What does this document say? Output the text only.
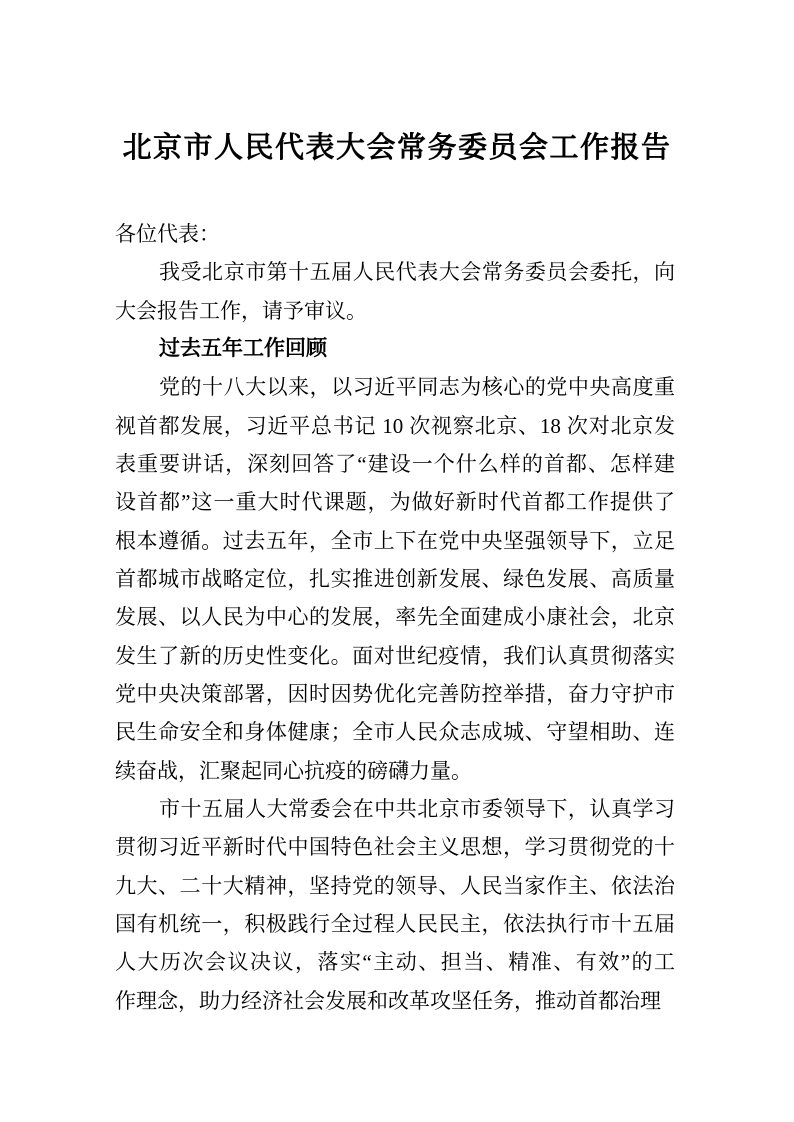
北京市人民代表大会常务委员会工作报告
各位代表：
我受北京市第十五届人民代表大会常务委员会委托，向
大会报告工作，请予审议。
过去五年工作回顾
党的十八大以来，以习近平同志为核心的党中央高度重
视首都发展，习近平总书记 10 次视察北京、18 次对北京发
表重要讲话，深刻回答了“建设一个什么样的首都、怎样建
设首都”这一重大时代课题，为做好新时代首都工作提供了
根本遵循。过去五年，全市上下在党中央坚强领导下，立足
首都城市战略定位，扎实推进创新发展、绿色发展、高质量
发展、以人民为中心的发展，率先全面建成小康社会，北京
发生了新的历史性变化。面对世纪疫情，我们认真贯彻落实
党中央决策部署，因时因势优化完善防控举措，奋力守护市
民生命安全和身体健康；全市人民众志成城、守望相助、连
续奋战，汇聚起同心抗疫的磅礴力量。
市十五届人大常委会在中共北京市委领导下，认真学习
贯彻习近平新时代中国特色社会主义思想，学习贯彻党的十
九大、二十大精神，坚持党的领导、人民当家作主、依法治
国有机统一，积极践行全过程人民民主，依法执行市十五届
人大历次会议决议，落实“主动、担当、精准、有效”的工
作理念，助力经济社会发展和改革攻坚任务，推动首都治理
